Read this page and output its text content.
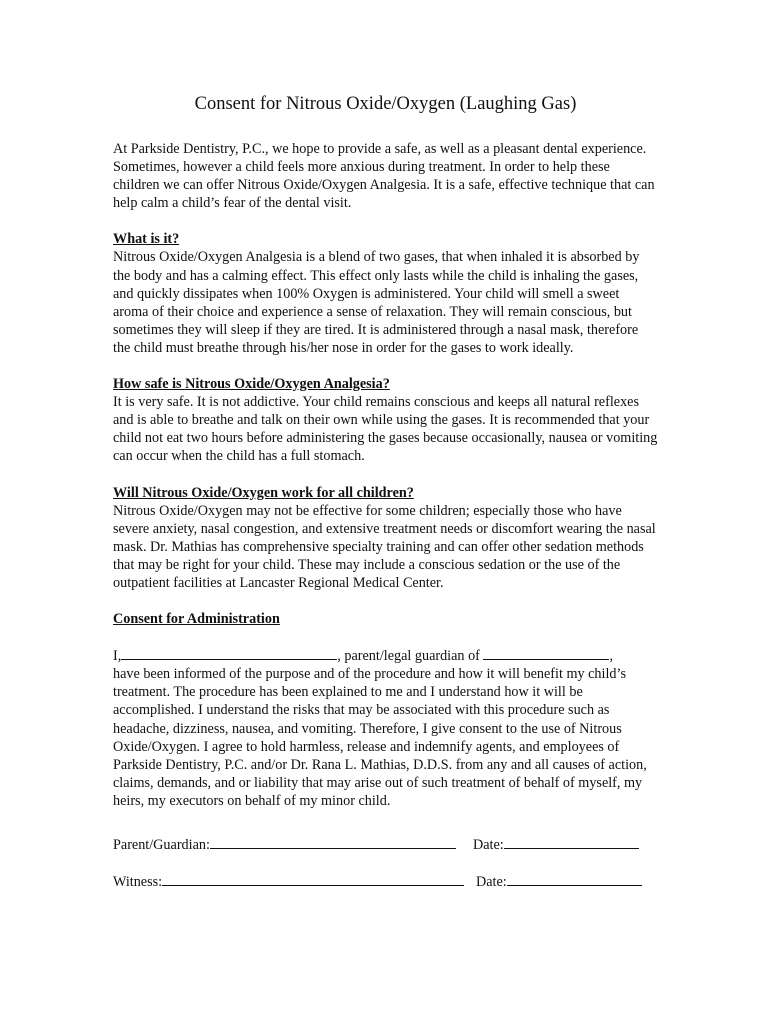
Consent for Nitrous Oxide/Oxygen (Laughing Gas)

At Parkside Dentistry, P.C., we hope to provide a safe, as well as a pleasant dental experience. Sometimes, however a child feels more anxious during treatment. In order to help these children we can offer Nitrous Oxide/Oxygen Analgesia. It is a safe, effective technique that can help calm a child’s fear of the dental visit.

What is it?

Nitrous Oxide/Oxygen Analgesia is a blend of two gases, that when inhaled it is absorbed by the body and has a calming effect. This effect only lasts while the child is inhaling the gases, and quickly dissipates when 100% Oxygen is administered. Your child will smell a sweet aroma of their choice and experience a sense of relaxation. They will remain conscious, but sometimes they will sleep if they are tired. It is administered through a nasal mask, therefore the child must breathe through his/her nose in order for the gases to work ideally.

How safe is Nitrous Oxide/Oxygen Analgesia?

It is very safe. It is not addictive. Your child remains conscious and keeps all natural reflexes and is able to breathe and talk on their own while using the gases. It is recommended that your child not eat two hours before administering the gases because occasionally, nausea or vomiting can occur when the child has a full stomach.

Will Nitrous Oxide/Oxygen work for all children?

Nitrous Oxide/Oxygen may not be effective for some children; especially those who have severe anxiety, nasal congestion, and extensive treatment needs or discomfort wearing the nasal mask. Dr. Mathias has comprehensive specialty training and can offer other sedation methods that may be right for your child. These may include a conscious sedation or the use of the outpatient facilities at Lancaster Regional Medical Center.

Consent for Administration

I,	, parent/legal guardian of	,

have been informed of the purpose and of the procedure and how it will benefit my child’s treatment. The procedure has been explained to me and I understand how it will be accomplished. I understand the risks that may be associated with this procedure such as headache, dizziness, nausea, and vomiting. Therefore, I give consent to the use of Nitrous Oxide/Oxygen. I agree to hold harmless, release and indemnify agents, and employees of Parkside Dentistry, P.C. and/or Dr. Rana L. Mathias, D.D.S. from any and all causes of action, claims, demands, and or liability that may arise out of such treatment of behalf of myself, my heirs, my executors on behalf of my minor child.

Parent/Guardian:	Date:
Witness:	Date:
